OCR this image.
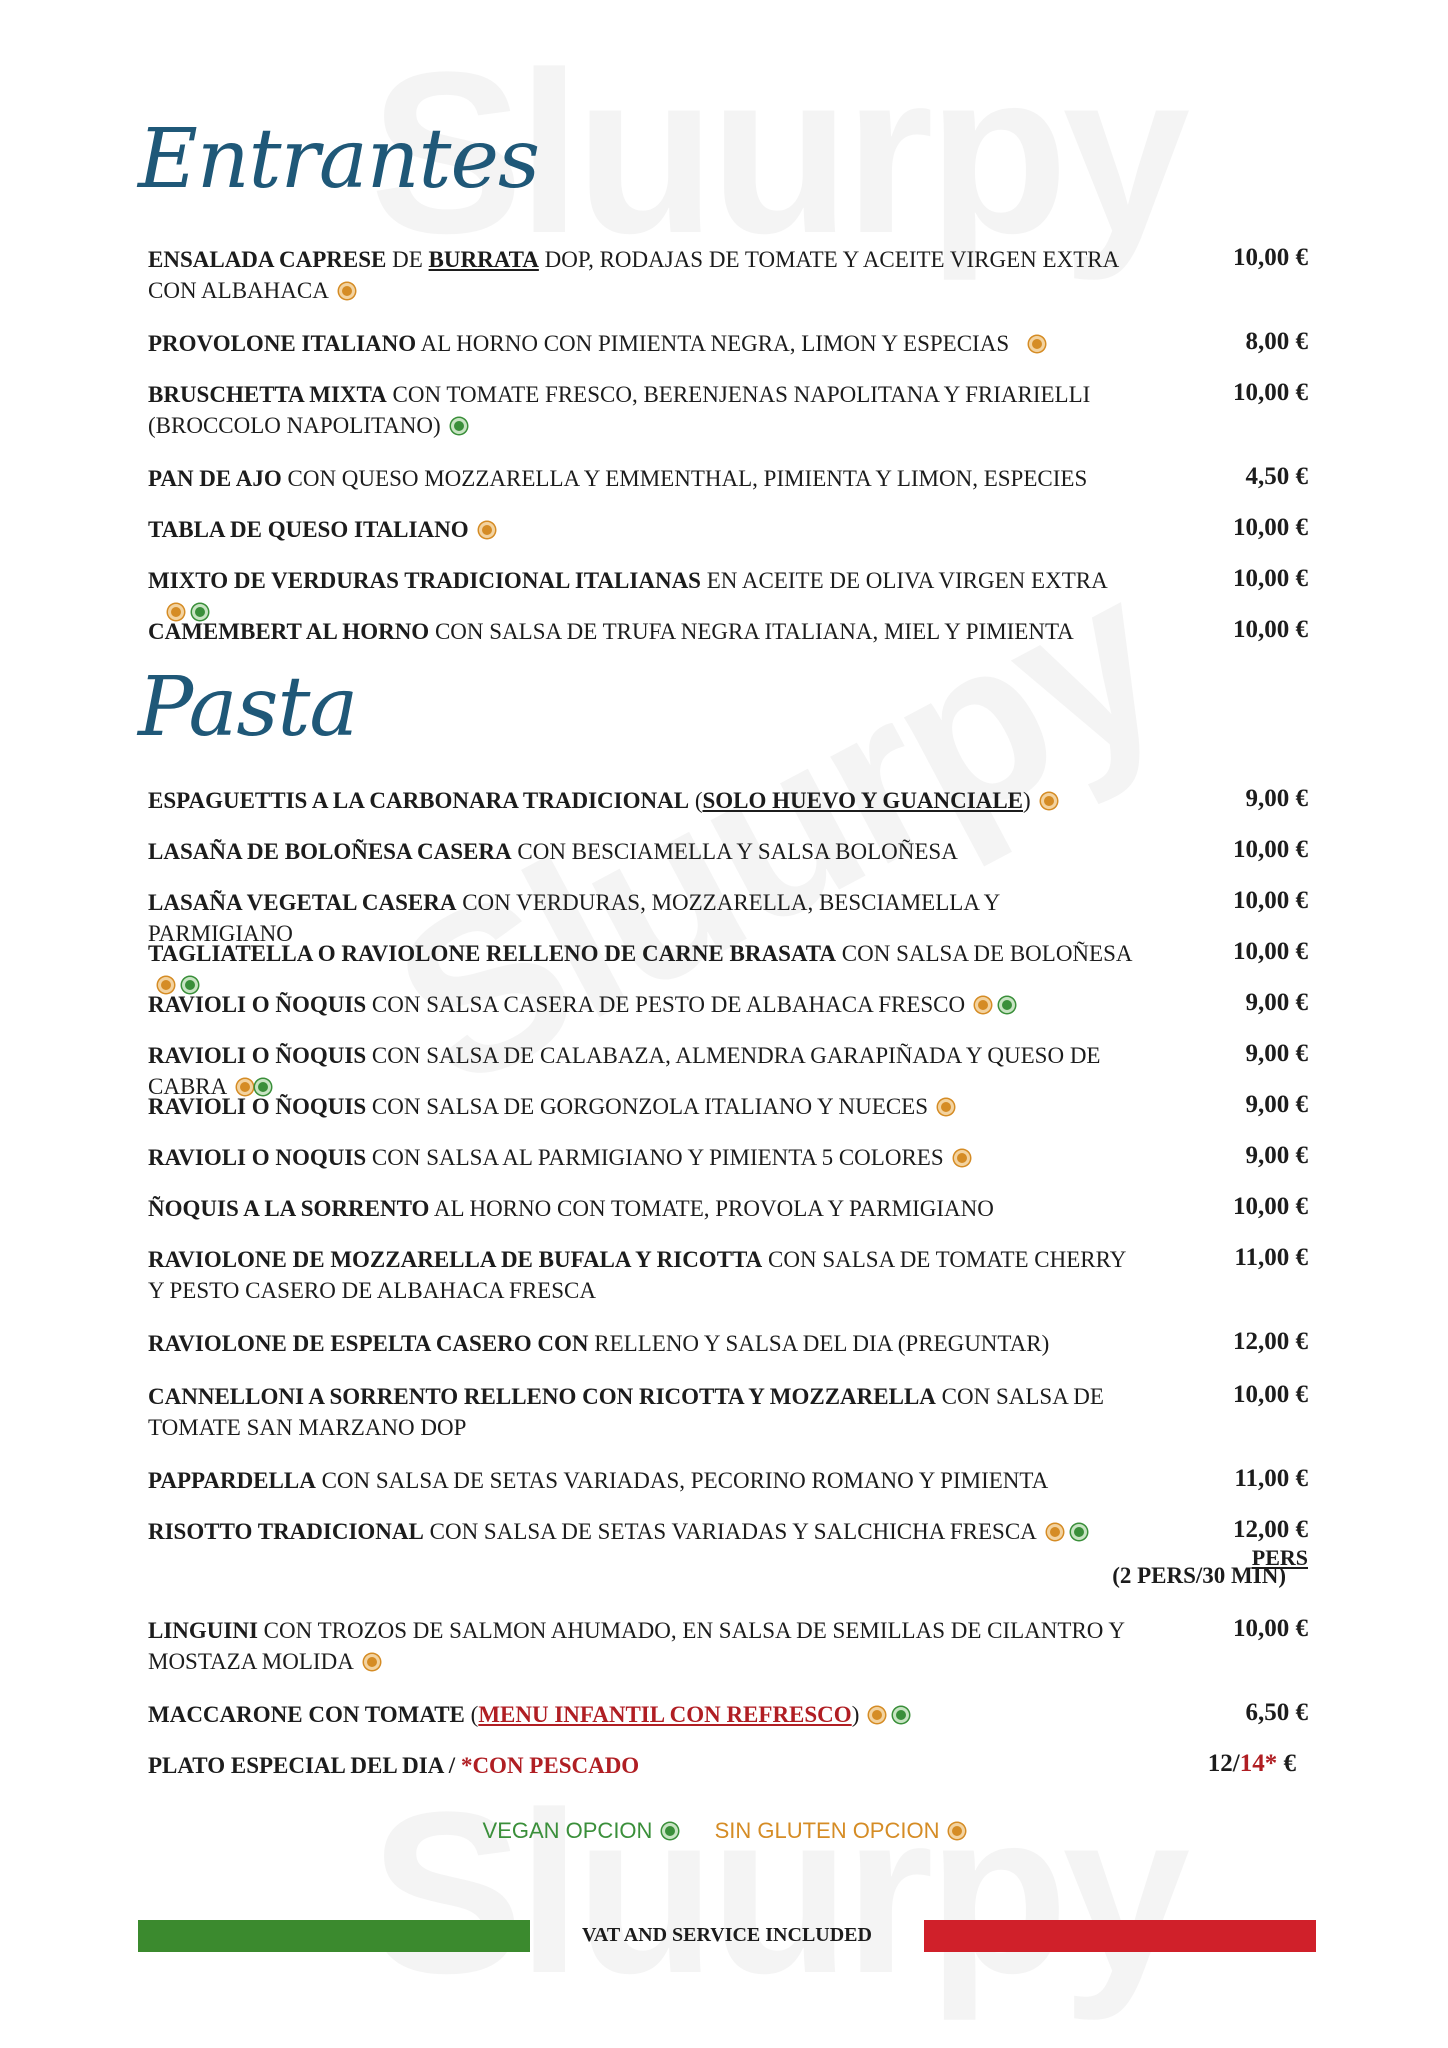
Entrantes
ENSALADA CAPRESE DE BURRATA DOP, RODAJAS DE TOMATE Y ACEITE VIRGEN EXTRA CON ALBAHACA
10,00 €
PROVOLONE ITALIANO AL HORNO CON PIMIENTA NEGRA, LIMON Y ESPECIAS	8,00 €
BRUSCHETTA MIXTA CON TOMATE FRESCO, BERENJENAS NAPOLITANA Y FRIARIELLI (BROCCOLO NAPOLITANO)
10,00 €
PAN DE AJO CON QUESO MOZZARELLA Y EMMENTHAL, PIMIENTA Y LIMON, ESPECIES	4,50 €
TABLA DE QUESO ITALIANO	10,00 €
MIXTO DE VERDURAS TRADICIONAL ITALIANAS EN ACEITE DE OLIVA VIRGEN EXTRA	10,00 €
CAMEMBERT AL HORNO CON SALSA DE TRUFA NEGRA ITALIANA, MIEL Y PIMIENTA	10,00 €
Pasta
ESPAGUETTIS A LA CARBONARA TRADICIONAL (SOLO HUEVO Y GUANCIALE)	9,00 €
LASAÑA DE BOLOÑESA CASERA CON BESCIAMELLA Y SALSA BOLOÑESA	10,00 €
LASAÑA VEGETAL CASERA CON VERDURAS, MOZZARELLA, BESCIAMELLA Y PARMIGIANO
10,00 €
TAGLIATELLA O RAVIOLONE RELLENO DE CARNE BRASATA CON SALSA DE BOLOÑESA	10,00 €
RAVIOLI O ÑOQUIS CON SALSA CASERA DE PESTO DE ALBAHACA FRESCO	9,00 €
RAVIOLI O ÑOQUIS CON SALSA DE CALABAZA, ALMENDRA GARAPIÑADA Y QUESO DE CABRA
9,00 €
RAVIOLI O ÑOQUIS CON SALSA DE GORGONZOLA ITALIANO Y NUECES	9,00 €
RAVIOLI O NOQUIS CON SALSA AL PARMIGIANO Y PIMIENTA 5 COLORES	9,00 €
ÑOQUIS A LA SORRENTO AL HORNO CON TOMATE, PROVOLA Y PARMIGIANO	10,00 €
RAVIOLONE DE MOZZARELLA DE BUFALA Y RICOTTA CON SALSA DE TOMATE CHERRY Y PESTO CASERO DE ALBAHACA FRESCA
11,00 €
RAVIOLONE DE ESPELTA CASERO CON RELLENO Y SALSA DEL DIA (PREGUNTAR)	12,00 €
CANNELLONI A SORRENTO RELLENO CON RICOTTA Y MOZZARELLA CON SALSA DE TOMATE SAN MARZANO DOP
10,00 €
PAPPARDELLA CON SALSA DE SETAS VARIADAS, PECORINO ROMANO Y PIMIENTA	11,00 €
RISOTTO TRADICIONAL CON SALSA DE SETAS VARIADAS Y SALCHICHA FRESCA	12,00 €
PERS
(2 PERS/30 MIN)
LINGUINI CON TROZOS DE SALMON AHUMADO, EN SALSA DE SEMILLAS DE CILANTRO Y MOSTAZA MOLIDA
10,00 €
MACCARONE CON TOMATE (MENU INFANTIL CON REFRESCO)	6,50 €
PLATO ESPECIAL DEL DIA / *CON PESCADO	12/14* €
VEGAN OPCION	SIN GLUTEN OPCION
VAT AND SERVICE INCLUDED
